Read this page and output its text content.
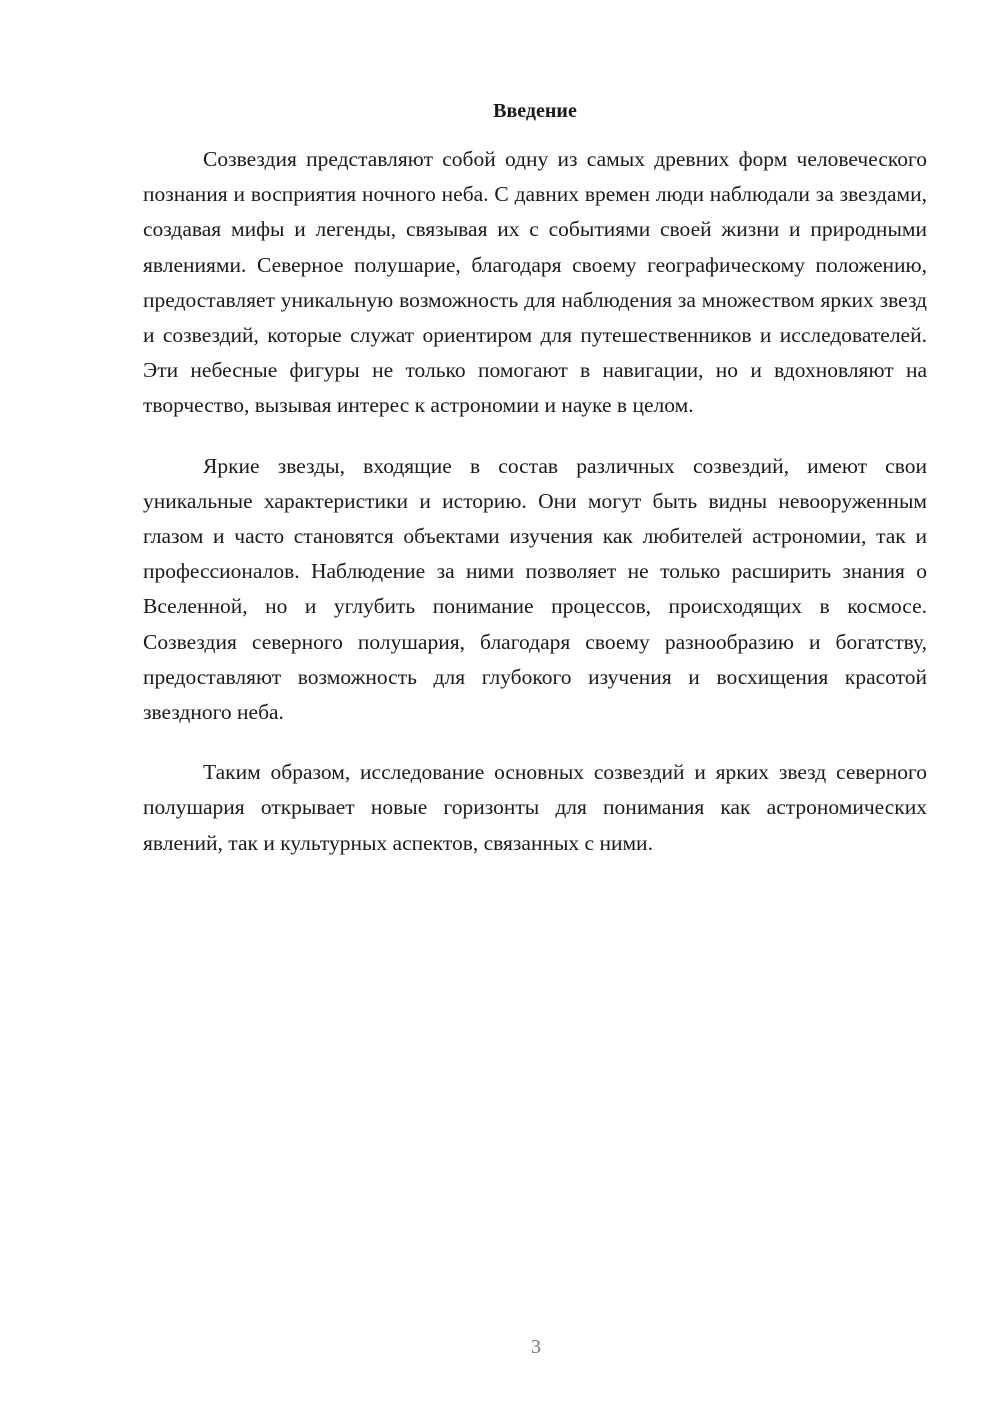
Введение

Созвездия представляют собой одну из самых древних форм человеческого познания и восприятия ночного неба. С давних времен люди наблюдали за звездами, создавая мифы и легенды, связывая их с событиями своей жизни и природными явлениями. Северное полушарие, благодаря своему географическому положению, предоставляет уникальную возможность для наблюдения за множеством ярких звезд и созвездий, которые служат ориентиром для путешественников и исследователей. Эти небесные фигуры не только помогают в навигации, но и вдохновляют на творчество, вызывая интерес к астрономии и науке в целом.

Яркие звезды, входящие в состав различных созвездий, имеют свои уникальные характеристики и историю. Они могут быть видны невооруженным глазом и часто становятся объектами изучения как любителей астрономии, так и профессионалов. Наблюдение за ними позволяет не только расширить знания о Вселенной, но и углубить понимание процессов, происходящих в космосе. Созвездия северного полушария, благодаря своему разнообразию и богатству, предоставляют возможность для глубокого изучения и восхищения красотой звездного неба.

Таким образом, исследование основных созвездий и ярких звезд северного полушария открывает новые горизонты для понимания как астрономических явлений, так и культурных аспектов, связанных с ними.

3
